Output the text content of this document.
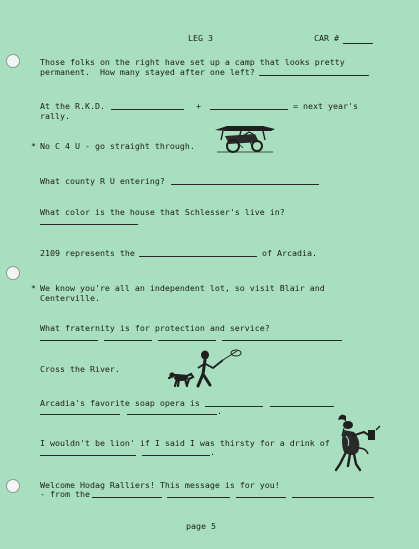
LEG 3	CAR #
Those folks on the right have set up a camp that looks pretty
permanent.  How many stayed after one left?
At the R.K.D.	+	= next year's
rally.
* No C 4 U - go straight through.
What county R U entering?
What color is the house that Schlesser's live in?
2109 represents the	of Arcadia.
* We know you're all an independent lot, so visit Blair and
Centerville.
What fraternity is for protection and service?
Cross the River.
Arcadia's favorite soap opera is
.
I wouldn't be lion' if I said I was thirsty for a drink of
.
Welcome Hodag Ralliers! This message is for you!
- from the
page 5
